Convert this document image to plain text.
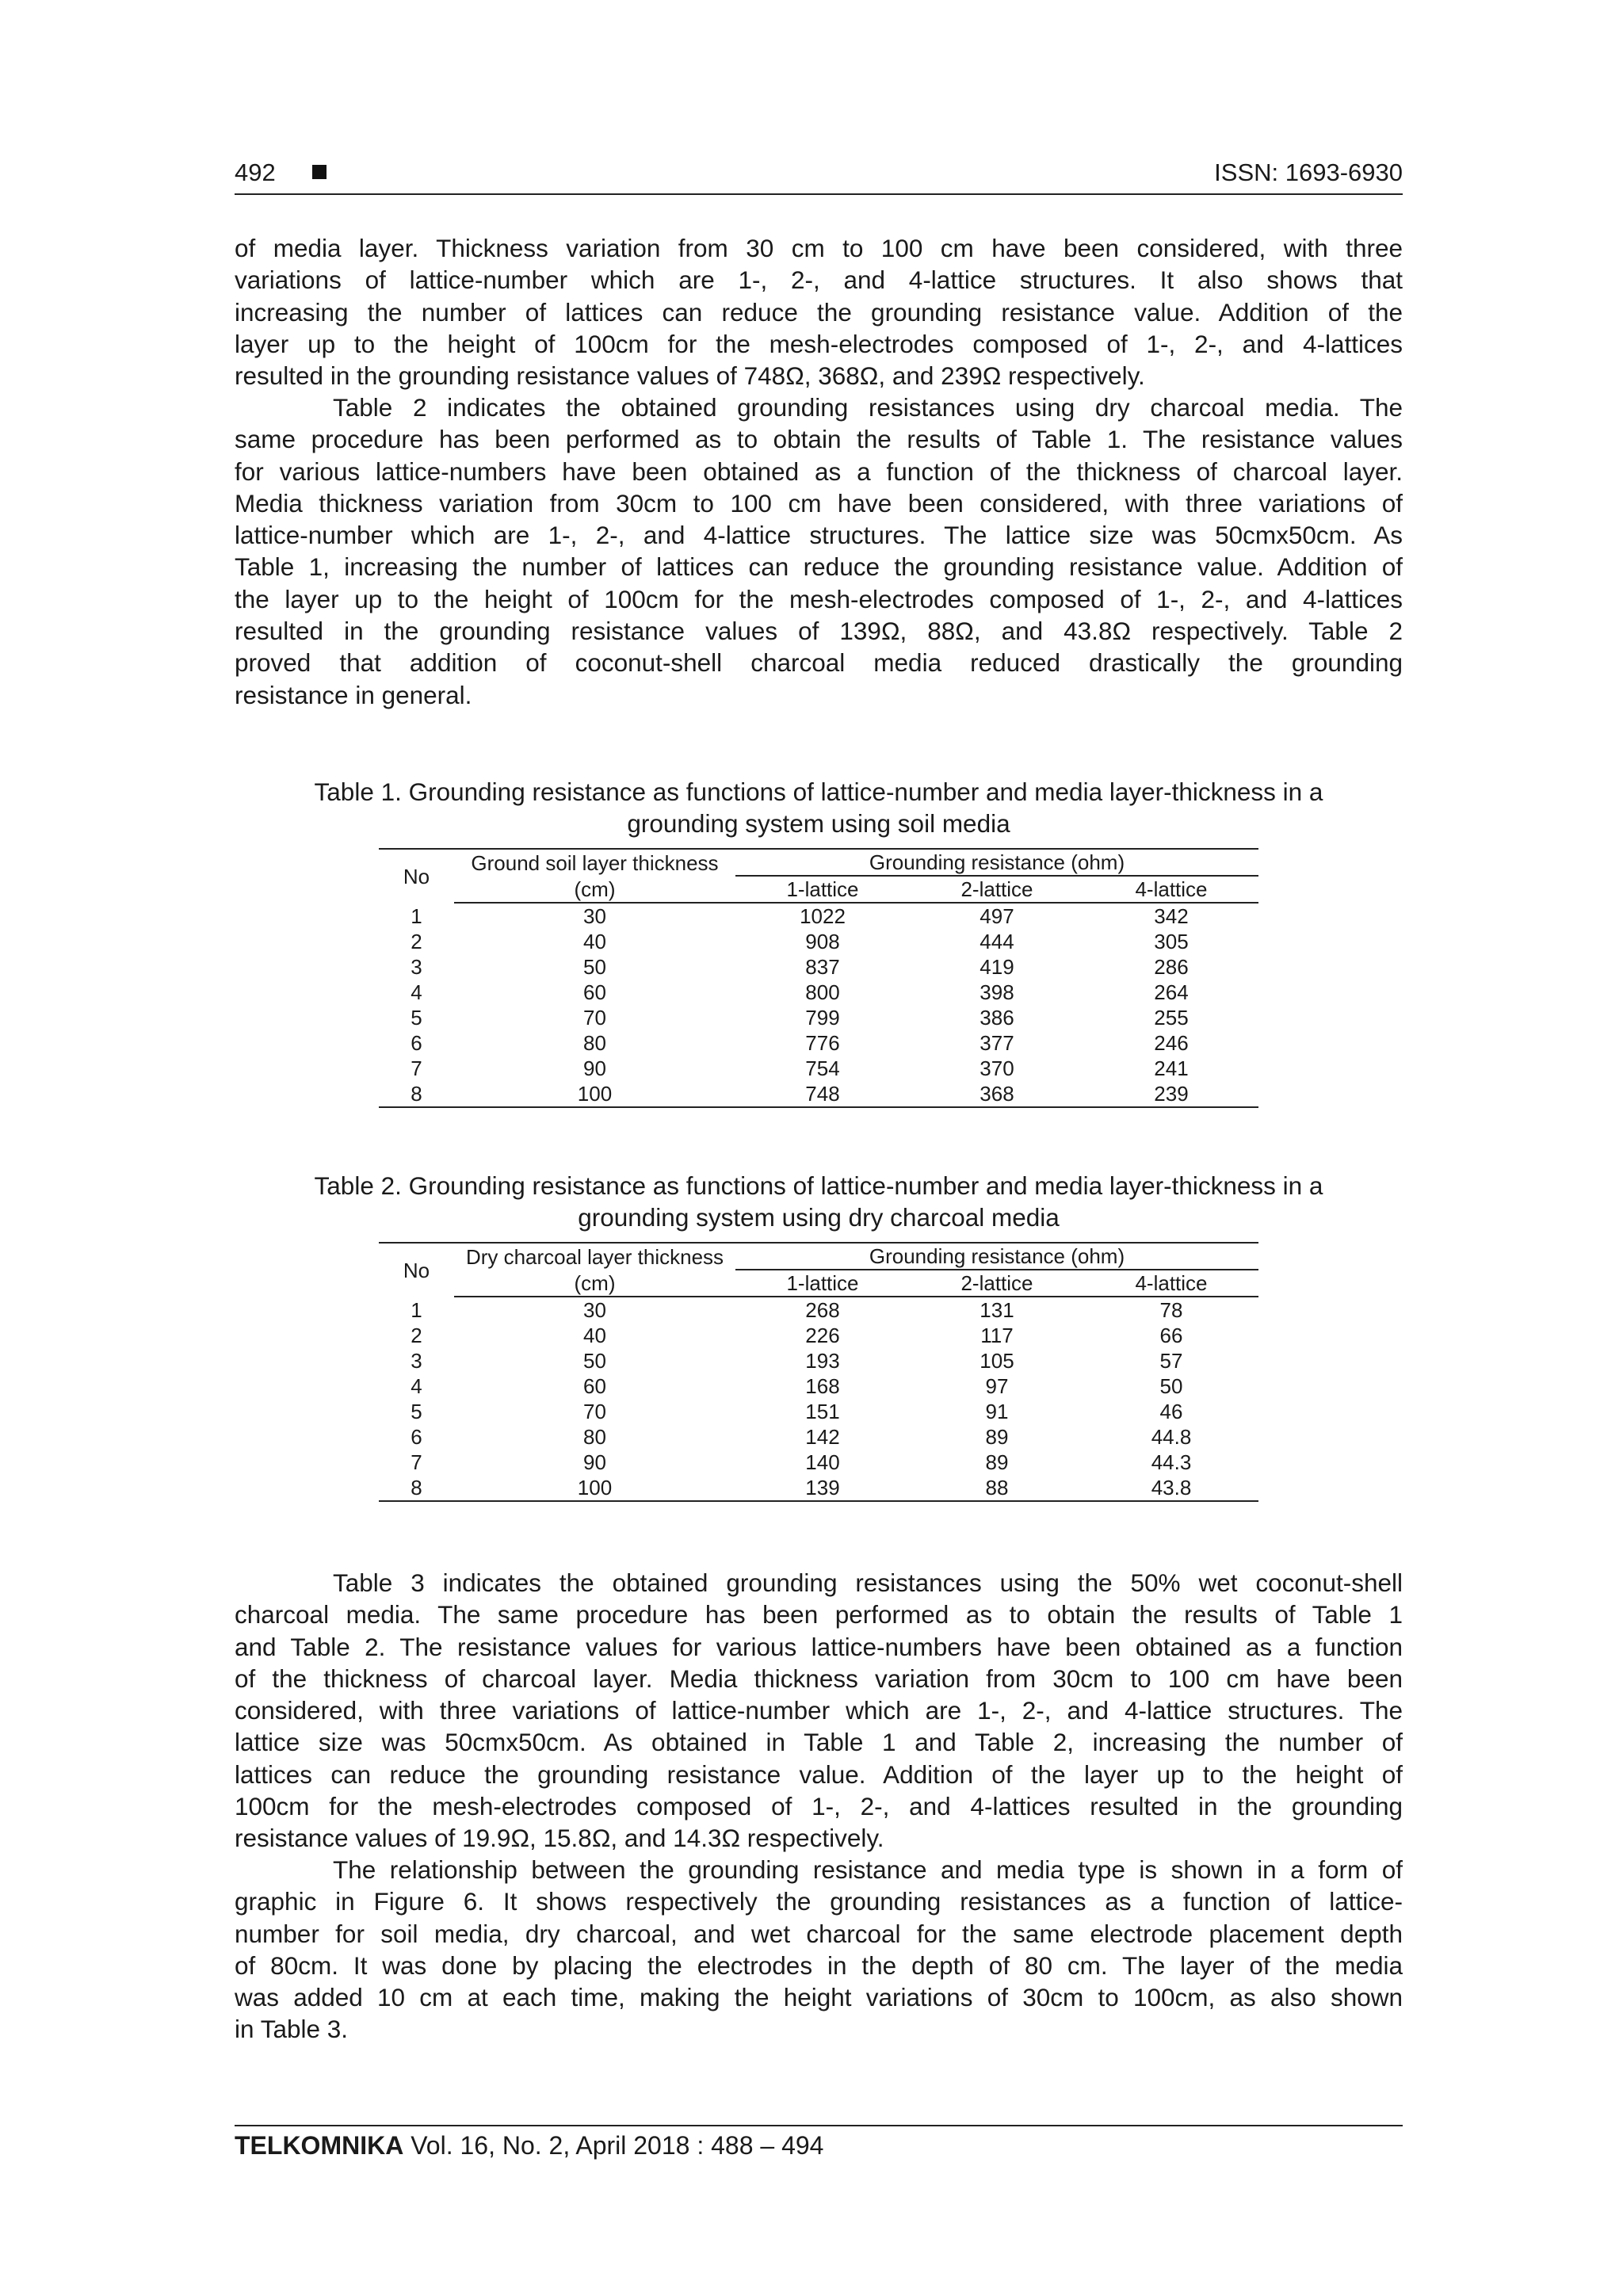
492	ISSN: 1693-6930

of media layer. Thickness variation from 30 cm to 100 cm have been considered, with three
variations of lattice-number which are 1-, 2-, and 4-lattice structures. It also shows that
increasing the number of lattices can reduce the grounding resistance value. Addition of the
layer up to the height of 100cm for the mesh-electrodes composed of 1-, 2-, and 4-lattices
resulted in the grounding resistance values of 748Ω, 368Ω, and 239Ω respectively.

Table 2 indicates the obtained grounding resistances using dry charcoal media. The
same procedure has been performed as to obtain the results of Table 1. The resistance values
for various lattice-numbers have been obtained as a function of the thickness of charcoal layer.
Media thickness variation from 30cm to 100 cm have been considered, with three variations of
lattice-number which are 1-, 2-, and 4-lattice structures. The lattice size was 50cmx50cm. As
Table 1, increasing the number of lattices can reduce the grounding resistance value. Addition of
the layer up to the height of 100cm for the mesh-electrodes composed of 1-, 2-, and 4-lattices
resulted in the grounding resistance values of 139Ω, 88Ω, and 43.8Ω respectively. Table 2
proved that addition of coconut-shell charcoal media reduced drastically the grounding
resistance in general.

Table 1. Grounding resistance as functions of lattice-number and media layer-thickness in a
grounding system using soil media
No	Ground soil layer thickness	Grounding resistance (ohm)		
	(cm)	1-lattice	2-lattice	4-lattice
1	30	1022	497	342
2	40	908	444	305
3	50	837	419	286
4	60	800	398	264
5	70	799	386	255
6	80	776	377	246
7	90	754	370	241
8	100	748	368	239
Table 2. Grounding resistance as functions of lattice-number and media layer-thickness in a
grounding system using dry charcoal media
No	Dry charcoal layer thickness	Grounding resistance (ohm)		
	(cm)	1-lattice	2-lattice	4-lattice
1	30	268	131	78
2	40	226	117	66
3	50	193	105	57
4	60	168	97	50
5	70	151	91	46
6	80	142	89	44.8
7	90	140	89	44.3
8	100	139	88	43.8

Table 3 indicates the obtained grounding resistances using the 50% wet coconut-shell
charcoal media. The same procedure has been performed as to obtain the results of Table 1
and Table 2. The resistance values for various lattice-numbers have been obtained as a function
of the thickness of charcoal layer. Media thickness variation from 30cm to 100 cm have been
considered, with three variations of lattice-number which are 1-, 2-, and 4-lattice structures. The
lattice size was 50cmx50cm. As obtained in Table 1 and Table 2, increasing the number of
lattices can reduce the grounding resistance value. Addition of the layer up to the height of
100cm for the mesh-electrodes composed of 1-, 2-, and 4-lattices resulted in the grounding
resistance values of 19.9Ω, 15.8Ω, and 14.3Ω respectively.

The relationship between the grounding resistance and media type is shown in a form of
graphic in Figure 6. It shows respectively the grounding resistances as a function of lattice-
number for soil media, dry charcoal, and wet charcoal for the same electrode placement depth
of 80cm. It was done by placing the electrodes in the depth of 80 cm. The layer of the media
was added 10 cm at each time, making the height variations of 30cm to 100cm, as also shown
in Table 3.

TELKOMNIKA Vol. 16, No. 2, April 2018 : 488 – 494
